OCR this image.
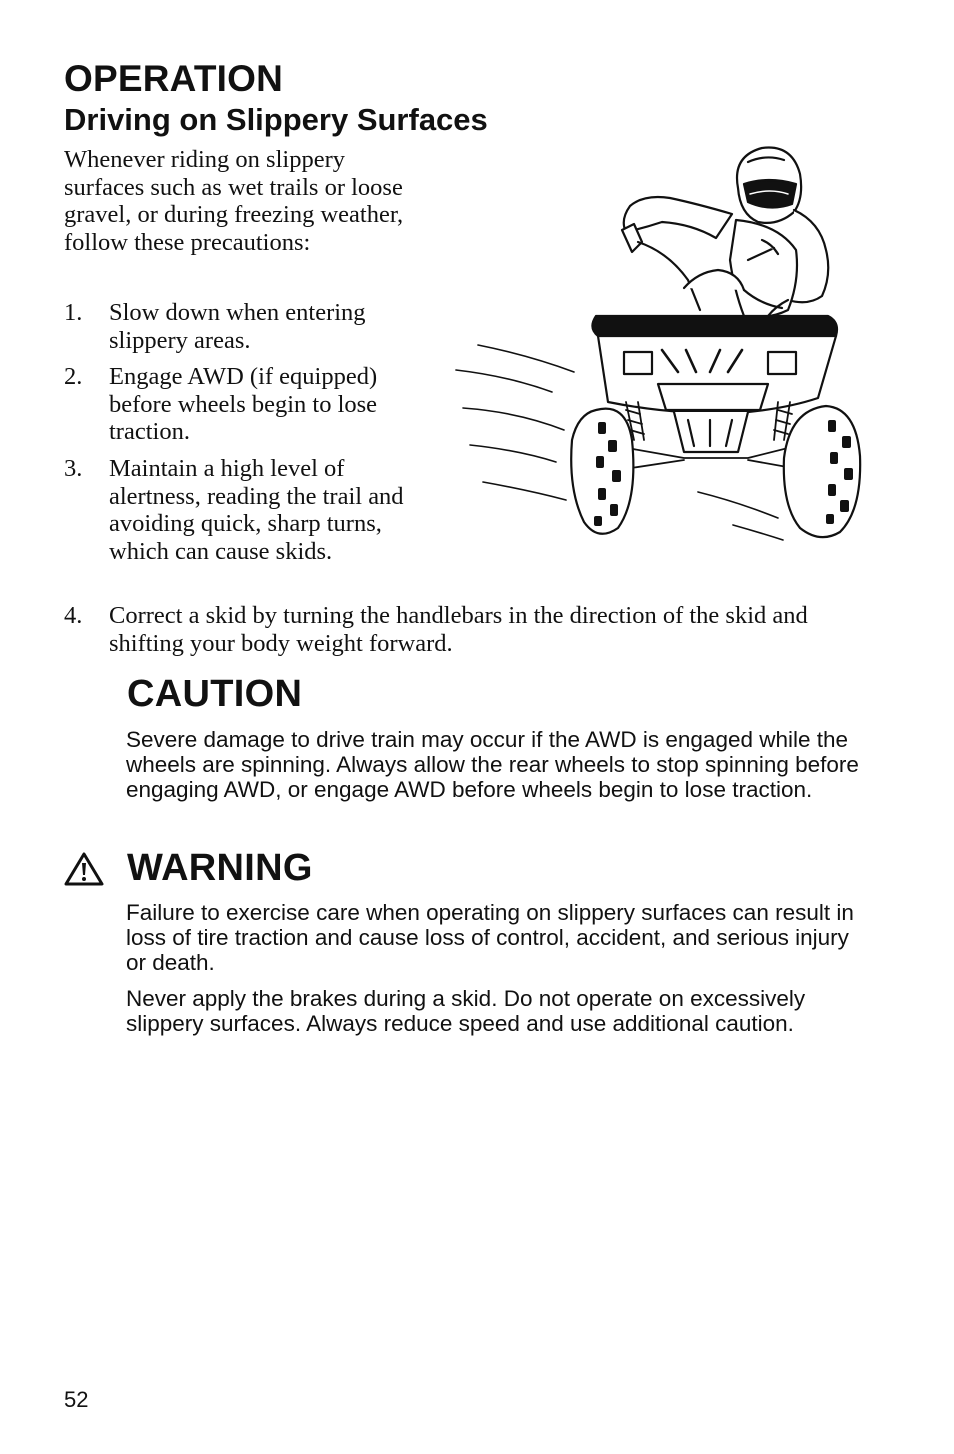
OPERATION
Driving on Slippery Surfaces

Whenever riding on slippery surfaces such as wet trails or loose gravel, or during freezing weather, follow these precautions:

1. Slow down when entering slippery areas.
2. Engage AWD (if equipped) before wheels begin to lose traction.
3. Maintain a high level of alertness, reading the trail and avoiding quick, sharp turns, which can cause skids.
4. Correct a skid by turning the handlebars in the direction of the skid and shifting your body weight forward.
CAUTION

Severe damage to drive train may occur if the AWD is engaged while the wheels are spinning. Always allow the rear wheels to stop spinning before engaging AWD, or engage AWD before wheels begin to lose traction.

WARNING

Failure to exercise care when operating on slippery surfaces can result in loss of tire traction and cause loss of control, accident, and serious injury or death.

Never apply the brakes during a skid. Do not operate on excessively slippery surfaces. Always reduce speed and use additional caution.

52
